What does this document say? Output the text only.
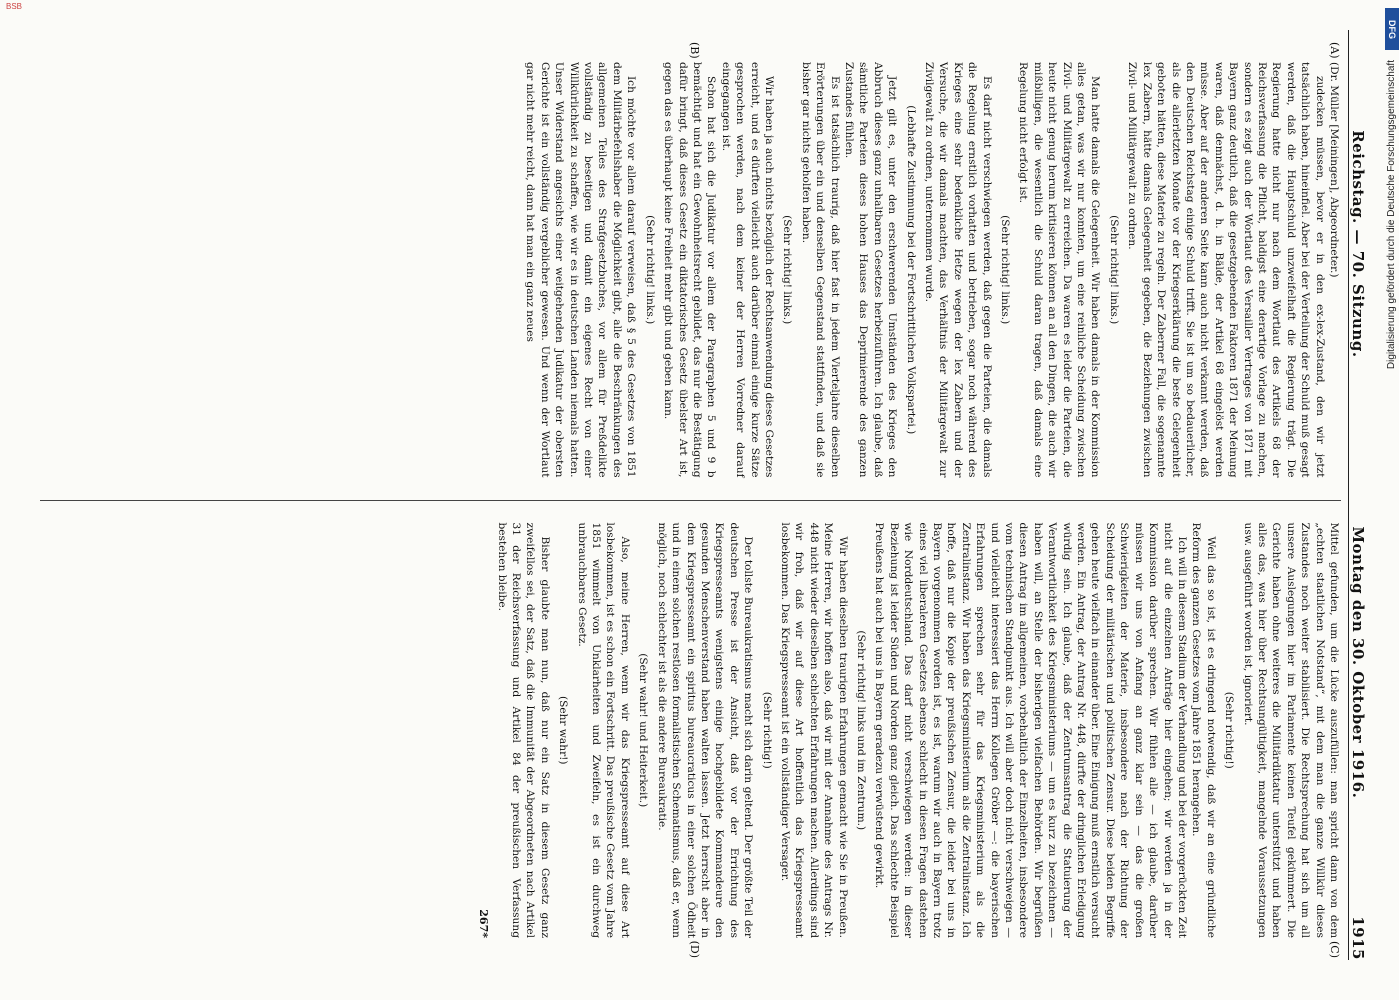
Reichstag. — 70. Sitzung.
Montag den 30. Oktober 1916.
1915
(A)
(B)

(Dr. Müller [Meiningen], Abgeordneter.)

zudecken müssen, bevor er in den ex-lex-Zustand, den wir jetzt tatsächlich haben, hineinfiel. Aber bei der Verteilung der Schuld muß gesagt werden, daß die Hauptschuld unzweifelhaft die Regierung trägt. Die Regierung hatte nicht nur nach dem Wortlaut des Artikels 68 der Reichsverfassung die Pflicht, baldigst eine derartige Vorlage zu machen, sondern es zeigt auch der Wortlaut des Versailler Vertrages von 1871 mit Bayern ganz deutlich, daß die gesetzgebenden Faktoren 1871 der Meinung waren, daß demnächst, d. h. in Bälde, der Artikel 68 eingelöst werden müsse. Aber auf der anderen Seite kann auch nicht verkannt werden, daß den Deutschen Reichstag einige Schuld trifft. Sie ist um so bedauerlicher, als die allerletzten Monate vor der Kriegserklärung die beste Gelegenheit geboten hätten, diese Materie zu regeln. Der Zaberner Fall, die sogenannte lex Zabern, hätte damals Gelegenheit gegeben, die Beziehungen zwischen Zivil- und Militärgewalt zu ordnen.

(Sehr richtig! links.)

Man hatte damals die Gelegenheit. Wir haben damals in der Kommission alles getan, was wir nur konnten, um eine reinliche Scheidung zwischen Zivil- und Militärgewalt zu erreichen. Da waren es leider die Parteien, die heute nicht genug herum kritisieren können an all den Dingen, die auch wir mißbilligen, die wesentlich die Schuld daran tragen, daß damals eine Regelung nicht erfolgt ist.

(Sehr richtig! links.)

Es darf nicht verschwiegen werden, daß gegen die Parteien, die damals die Regelung ernstlich vorhatten und betrieben, sogar noch während des Krieges eine sehr bedenkliche Hetze wegen der lex Zabern und der Versuche, die wir damals machten, das Verhältnis der Militärgewalt zur Zivilgewalt zu ordnen, unternommen wurde.

(Lebhafte Zustimmung bei der Fortschrittlichen Volkspartei.)

Jetzt gilt es, unter den erschwerenden Umständen des Krieges den Abbruch dieses ganz unhaltbaren Gesetzes herbeizuführen. Ich glaube, daß sämtliche Parteien dieses hohen Hauses das Deprimierende des ganzen Zustandes fühlen.

Es ist tatsächlich traurig, daß hier fast in jedem Vierteljahre dieselben Erörterungen über ein und denselben Gegenstand stattfinden, und daß sie bisher gar nichts geholfen haben.

(Sehr richtig! links.)

Wir haben ja auch nichts bezüglich der Rechtsanwendung dieses Gesetzes erreicht, und es dürften vielleicht auch darüber einmal einige kurze Sätze gesprochen werden, nach dem keiner der Herren Vorredner darauf eingegangen ist.

Schon hat sich die Judikatur vor allem der Paragraphen 5 und 9 b bemächtigt und hat ein Gewohnheitsrecht gebildet, das nur die Bestätigung dafür bringt, daß dieses Gesetz ein diktatorisches Gesetz übelster Art ist, gegen das es überhaupt keine Freiheit mehr gibt und geben kann.

(Sehr richtig! links.)

Ich möchte vor allem darauf verweisen, daß § 5 des Gesetzes von 1851 dem Militärbefehlshaber die Möglichkeit gibt, alle die Beschränkungen des allgemeinen Teiles des Strafgesetzbuches, vor allem für Preßdelikte vollständig zu beseitigen und damit ein eigenes Recht von einer Willkürlichkeit zu schaffen, wie wir es in deutschen Landen niemals hatten. Unser Widerstand angesichts einer weitgehenden Judikatur der obersten Gerichte ist ein vollständig vergeblicher gewesen. Und wenn der Wortlaut gar nicht mehr reicht, dann hat man ein ganz neues

(C)
(D)

Mittel gefunden, um die Lücke auszufüllen: man spricht dann von dem „echten staatlichen Notstand“, mit dem man die ganze Willkür dieses Zustandes noch weiter stabilisiert. Die Rechtsprechung hat sich um all unsere Auslegungen hier im Parlamente keinen Teufel gekümmert. Die Gerichte haben ohne weiteres die Militärdiktatur unterstützt und haben alles das, was hier über Rechtsungültigkeit, mangelnde Voraussetzungen usw. ausgeführt worden ist, ignoriert.

(Sehr richtig!)

Weil das so ist, ist es dringend notwendig, daß wir an eine gründliche Reform des ganzen Gesetzes vom Jahre 1851 herangehen.

Ich will in diesem Stadium der Verhandlung und bei der vorgerückten Zeit nicht auf die einzelnen Anträge hier eingehen; wir werden ja in der Kommission darüber sprechen. Wir fühlen alle — ich glaube, darüber müssen wir uns von Anfang an ganz klar sein — das die großen Schwierigkeiten der Materie, insbesondere nach der Richtung der Scheidung der militärischen und politischen Zensur. Diese beiden Begriffe gehen heute vielfach in einander über. Eine Einigung muß ernstlich versucht werden. Ein Antrag, der Antrag Nr. 448, dürfte der dringlichen Erledigung würdig sein. Ich glaube, daß der Zentrumsantrag die Statuierung der Verantwortlichkeit des Kriegsministeriums — um es kurz zu bezeichnen — haben will, an Stelle der bisherigen vielfachen Behörden. Wir begrüßen diesen Antrag im allgemeinen, vorbehaltlich der Einzelheiten, insbesondere vom technischen Standpunkt aus. Ich will aber doch nicht verschweigen — und vielleicht interessiert das Herrn Kollegen Gröber —: die bayerischen Erfahrungen sprechen sehr für das Kriegsministerium als die Zentralinstanz. Wir haben das Kriegsministerium als die Zentralinstanz. Ich hoffe, daß nur die Kopie der preußischen Zensur, die leider bei uns in Bayern vorgenommen worden ist, es ist, warum wir auch in Bayern trotz eines viel liberaleren Gesetzes ebenso schlecht in diesen Fragen dastehen wie Norddeutschland. Das darf nicht verschwiegen werden: in dieser Beziehung ist leider Süden und Norden ganz gleich. Das schlechte Beispiel Preußens hat auch bei uns in Bayern geradezu verwüstend gewirkt.

(Sehr richtig! links und im Zentrum.)

Wir haben dieselben traurigen Erfahrungen gemacht wie Sie in Preußen. Meine Herren, wir hoffen also, daß wir mit der Annahme des Antrags Nr. 448 nicht wieder dieselben schlechten Erfahrungen machen. Allerdings sind wir froh, daß wir auf diese Art hoffentlich das Kriegspresseamt losbekommen. Das Kriegspresseamt ist ein vollständiger Versager.

(Sehr richtig!)

Der tollste Bureaukratismus macht sich darin geltend. Der größte Teil der deutschen Presse ist der Ansicht, daß vor der Errichtung des Kriegspresseamts wenigstens einige hochgebildete Kommandeure den gesunden Menschenverstand haben walten lassen. Jetzt herrscht aber in dem Kriegspresseamt ein spiritus bureaucraticus in einer solchen Ödheit und in einem solchen restlosen formalistischen Schematismus, daß er, wenn möglich, noch schlechter ist als die andere Bureaukratie.

(Sehr wahr! und Heiterkeit.)

Also, meine Herren, wenn wir das Kriegspresseamt auf diese Art losbekommen, ist es schon ein Fortschritt. Das preußische Gesetz vom Jahre 1851 wimmelt von Unklarheiten und Zweifeln, es ist ein durchweg unbrauchbares Gesetz.

(Sehr wahr!)

Bisher glaubte man nun, daß nur ein Satz in diesem Gesetz ganz zweifellos sei, der Satz, daß die Immunität der Abgeordneten nach Artikel 31 der Reichsverfassung und Artikel 84 der preußischen Verfassung bestehen bleibe.

267*
BSB
DFG
Digitalisierung gefördert durch die Deutsche Forschungsgemeinschaft
